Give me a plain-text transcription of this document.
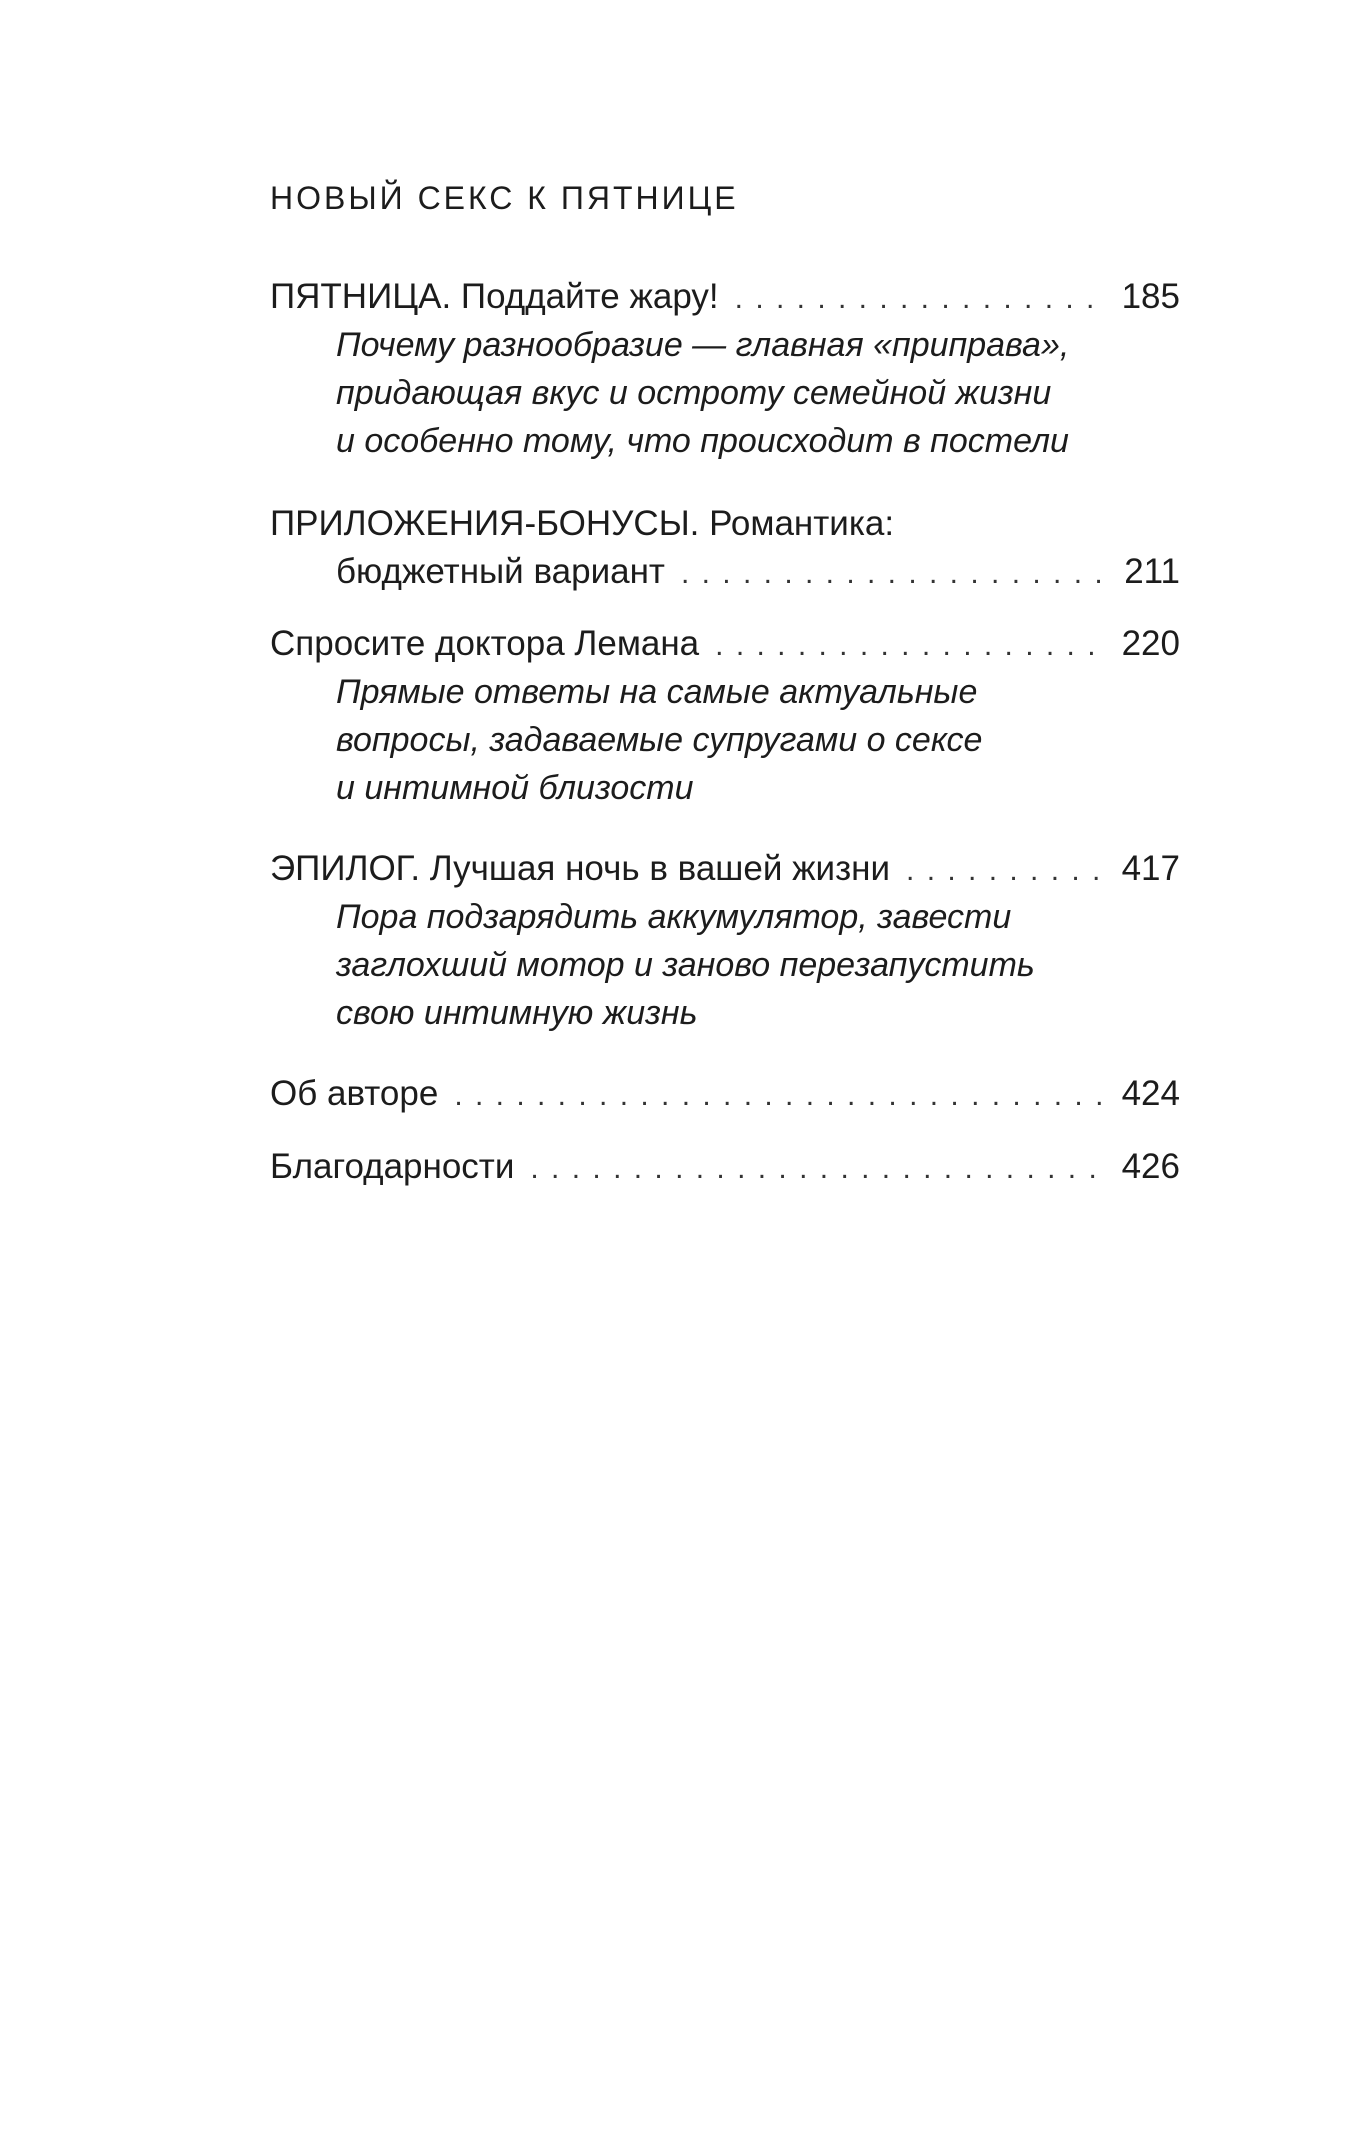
НОВЫЙ СЕКС К ПЯТНИЦЕ
ПЯТНИЦА. Поддайте жару! . . .	185
Почему разнообразие — главная «приправа»,
придающая вкус и остроту семейной жизни
и особенно тому, что происходит в постели
ПРИЛОЖЕНИЯ-БОНУСЫ. Романтика:
бюджетный вариант . . .	211
Спросите доктора Лемана . . .	220
Прямые ответы на самые актуальные
вопросы, задаваемые супругами о сексе
и интимной близости
ЭПИЛОГ. Лучшая ночь в вашей жизни . . .	417
Пора подзарядить аккумулятор, завести
заглохший мотор и заново перезапустить
свою интимную жизнь
Об авторе . . .	424
Благодарности . . .	426
